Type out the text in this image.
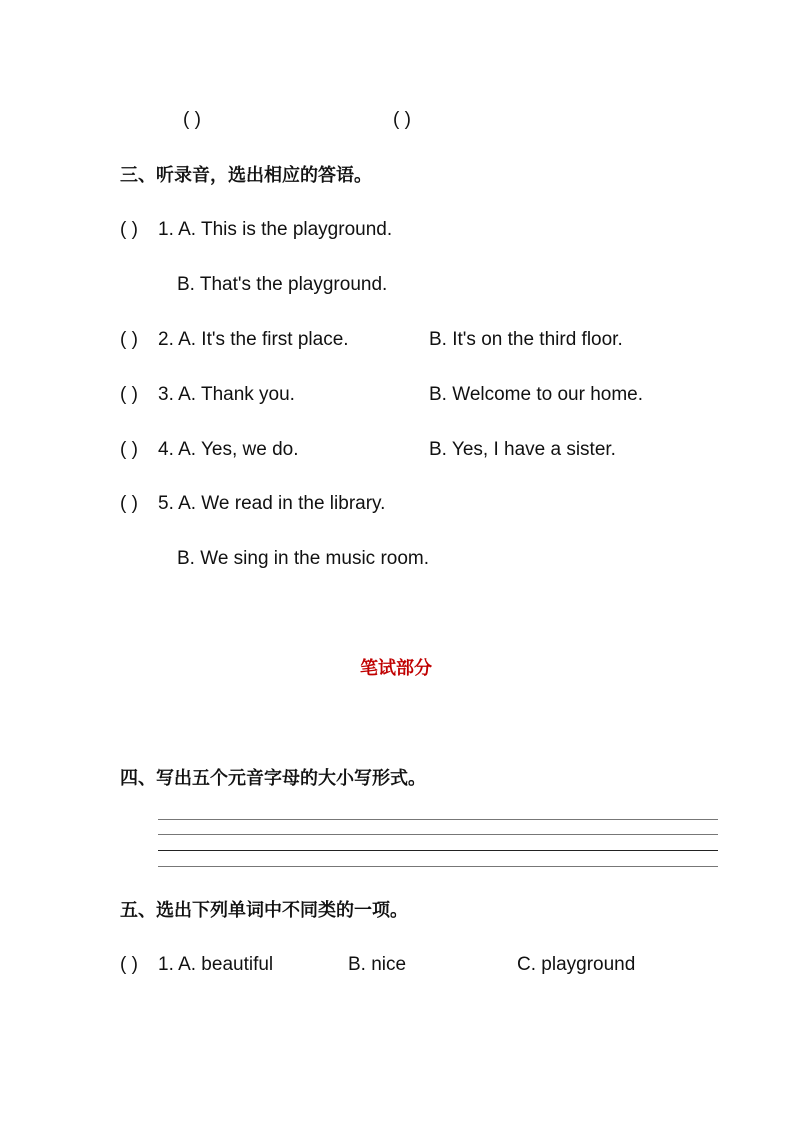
( )	( )
三、听录音，选出相应的答语。
( ) 1. A. This is the playground.
B. That's the playground.
( ) 2. A. It's the first place.	B. It's on the third floor.
( ) 3. A. Thank you.	B. Welcome to our home.
( ) 4. A. Yes, we do.	B. Yes, I have a sister.
( ) 5. A. We read in the library.
B. We sing in the music room.
笔试部分
四、写出五个元音字母的大小写形式。
五、选出下列单词中不同类的一项。
( ) 1. A. beautiful	B. nice	C. playground
